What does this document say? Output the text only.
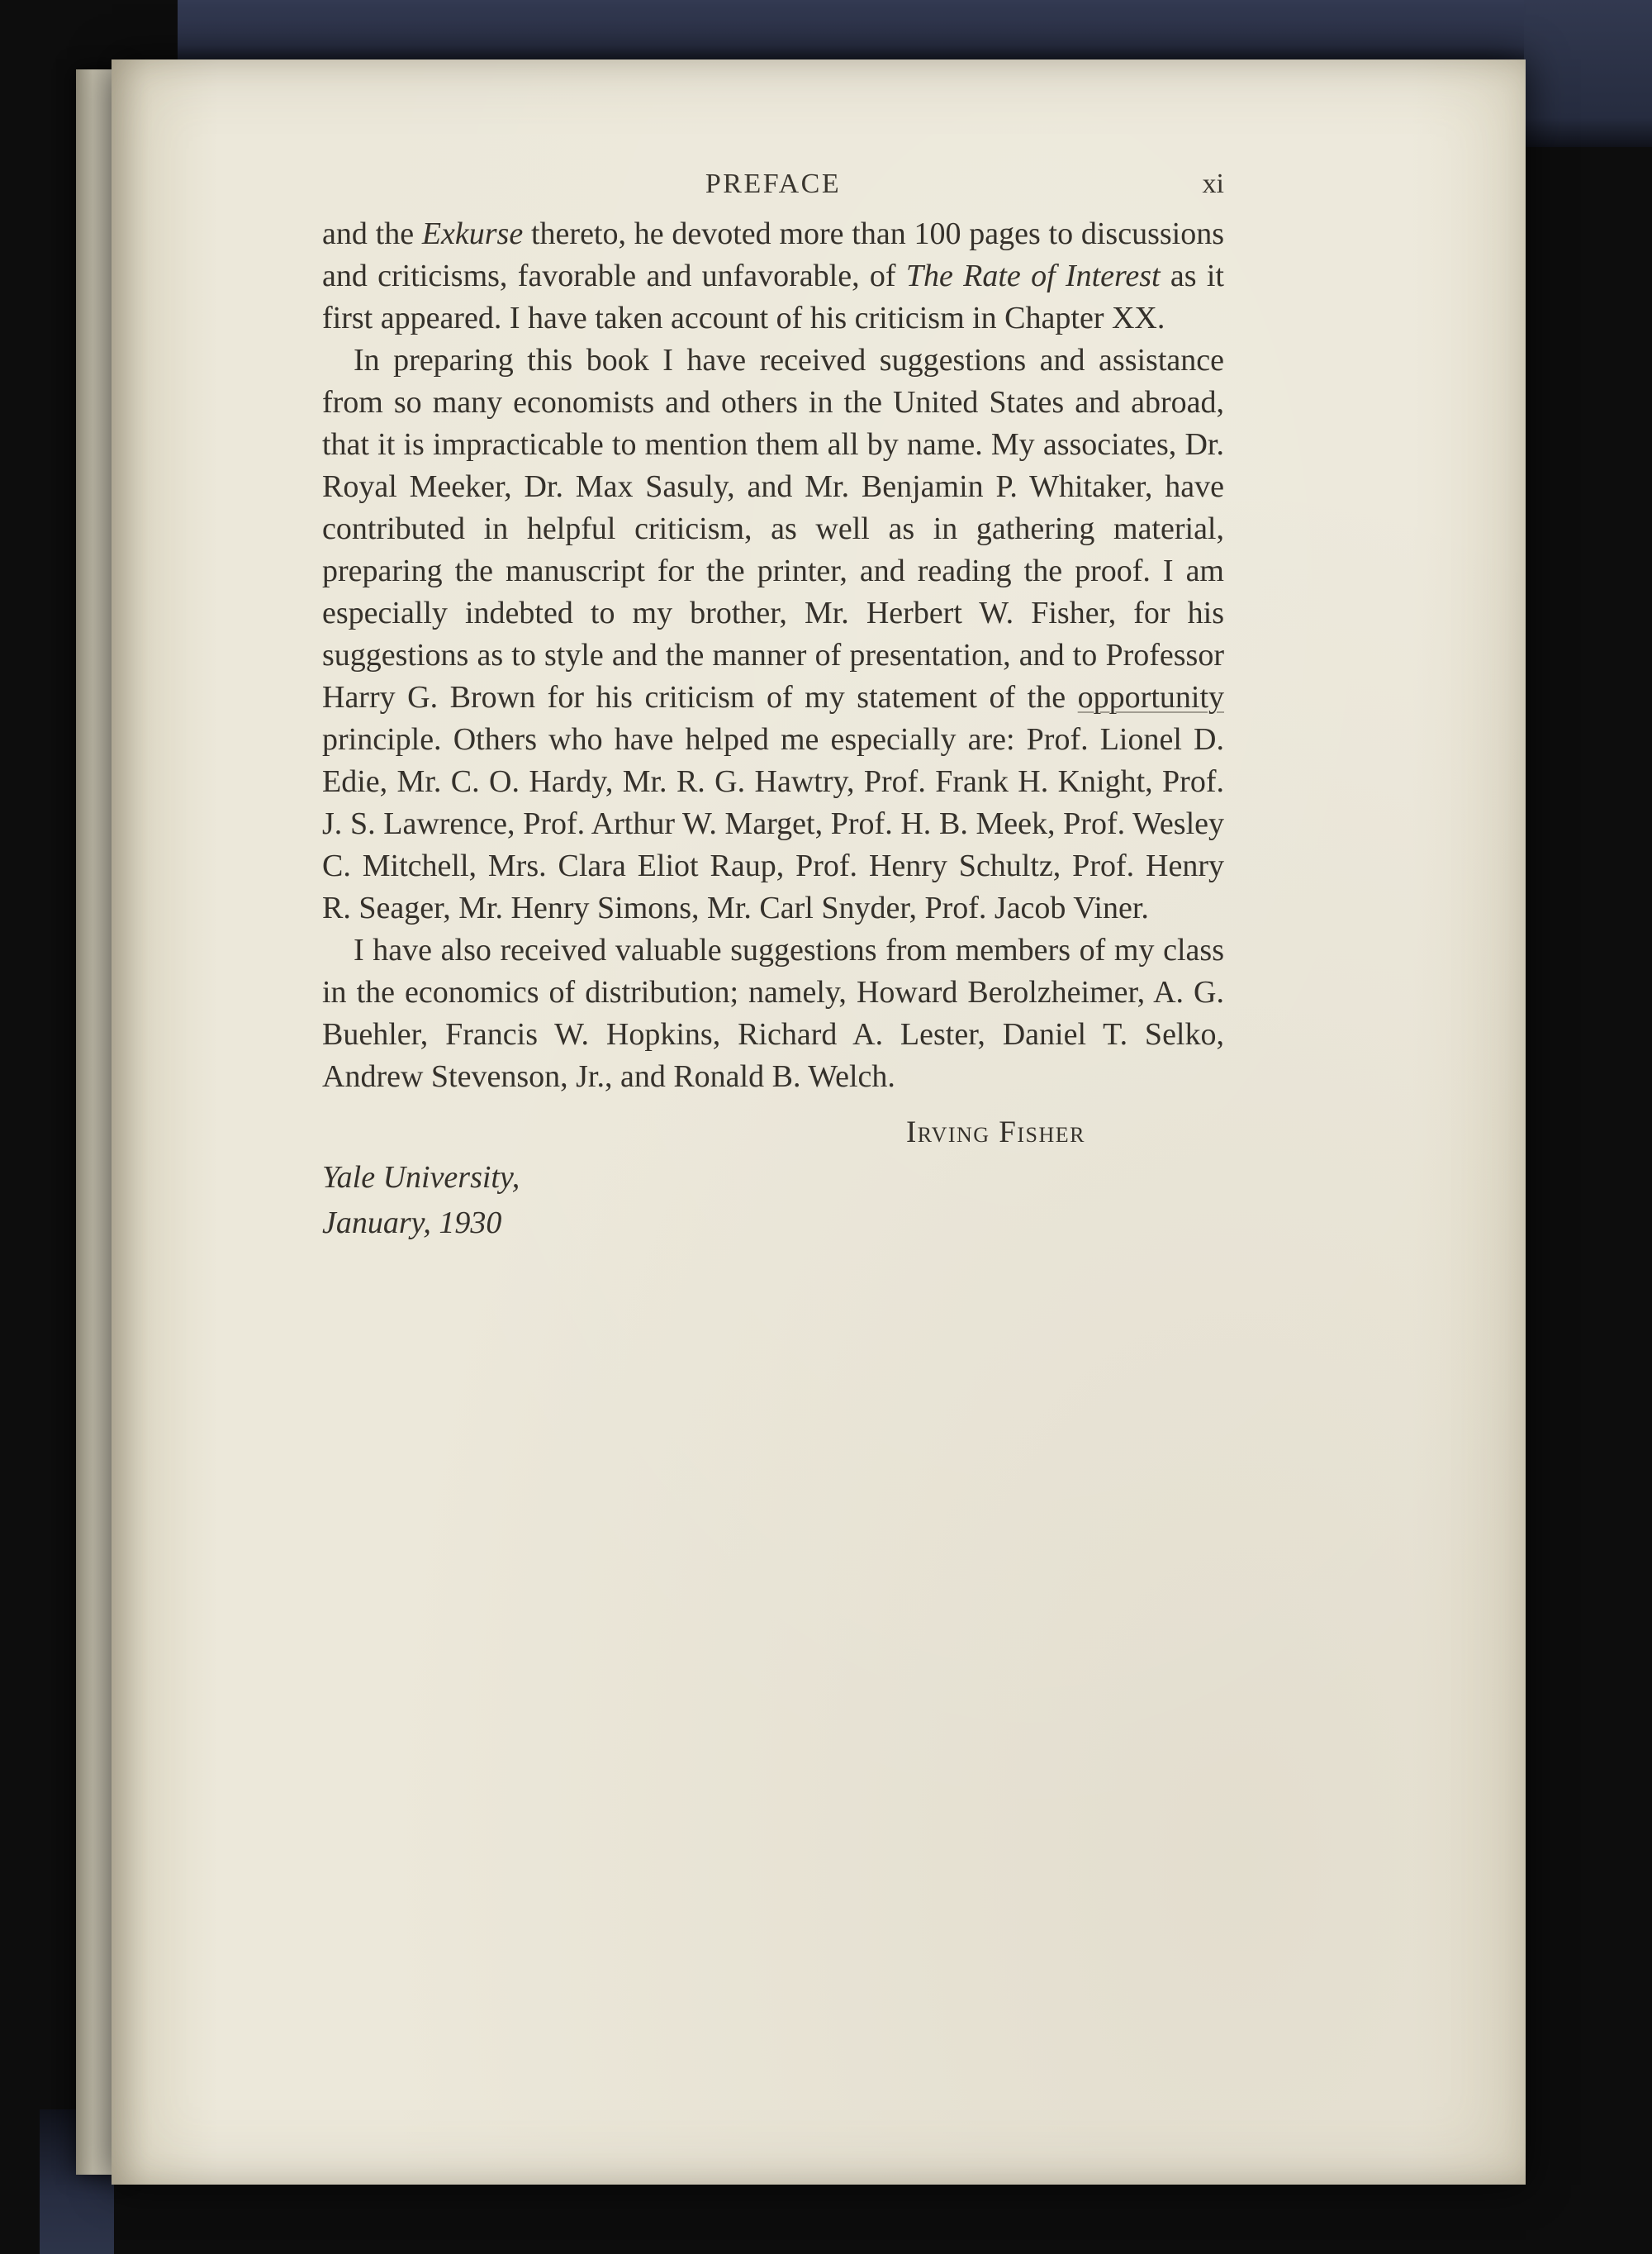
PREFACE	xi

and the Exkurse thereto, he devoted more than 100 pages to discussions and criticisms, favorable and unfavorable, of The Rate of Interest as it first appeared. I have taken account of his criticism in Chapter XX.

In preparing this book I have received suggestions and assistance from so many economists and others in the United States and abroad, that it is impracticable to mention them all by name. My associates, Dr. Royal Meeker, Dr. Max Sasuly, and Mr. Benjamin P. Whitaker, have contributed in helpful criticism, as well as in gathering material, preparing the manuscript for the printer, and reading the proof. I am especially indebted to my brother, Mr. Herbert W. Fisher, for his suggestions as to style and the manner of presentation, and to Professor Harry G. Brown for his criticism of my statement of the opportunity principle. Others who have helped me especially are: Prof. Lionel D. Edie, Mr. C. O. Hardy, Mr. R. G. Hawtry, Prof. Frank H. Knight, Prof. J. S. Lawrence, Prof. Arthur W. Marget, Prof. H. B. Meek, Prof. Wesley C. Mitchell, Mrs. Clara Eliot Raup, Prof. Henry Schultz, Prof. Henry R. Seager, Mr. Henry Simons, Mr. Carl Snyder, Prof. Jacob Viner.

I have also received valuable suggestions from members of my class in the economics of distribution; namely, Howard Berolzheimer, A. G. Buehler, Francis W. Hopkins, Richard A. Lester, Daniel T. Selko, Andrew Stevenson, Jr., and Ronald B. Welch.

Irving Fisher
Yale University,
January, 1930
